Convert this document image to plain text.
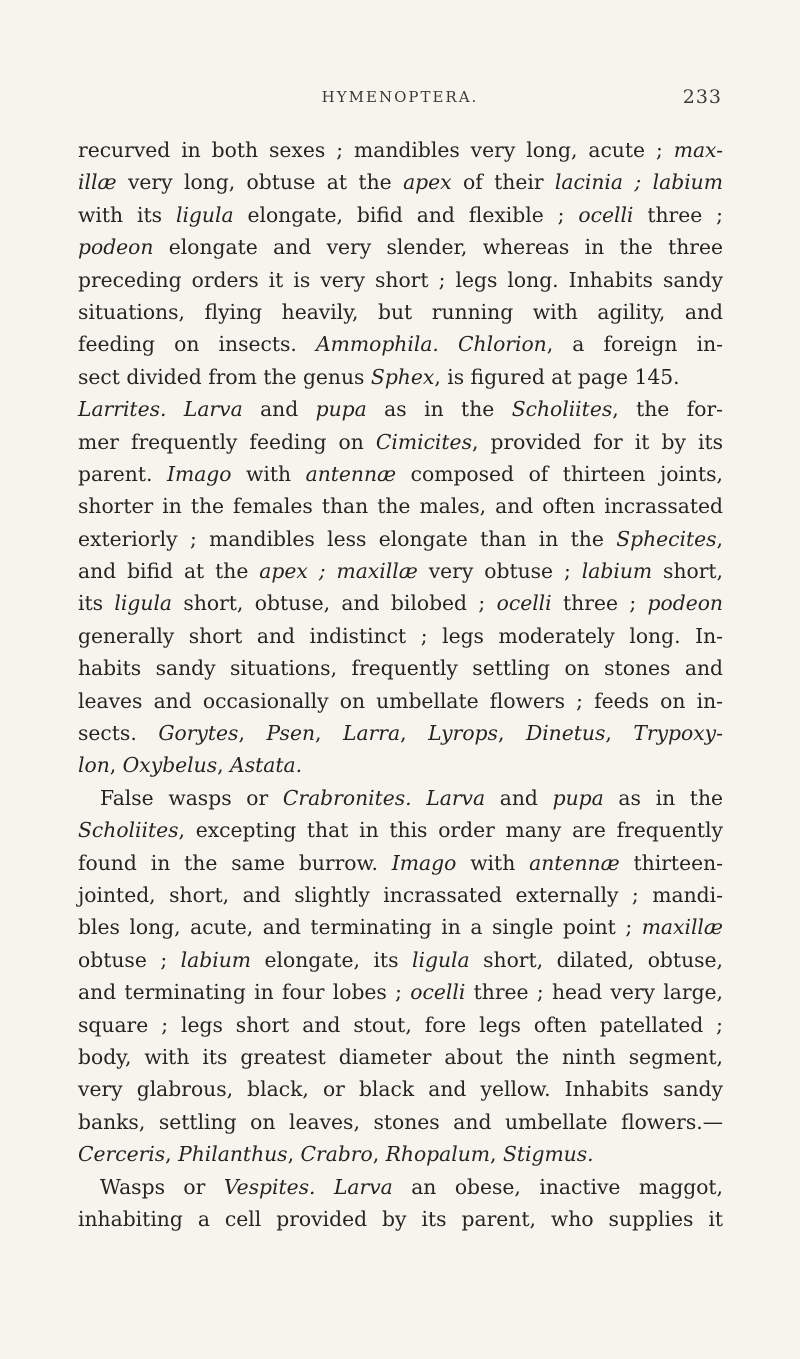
HYMENOPTERA.	233
recurved in both sexes ; mandibles very long, acute ; max-
illæ very long, obtuse at the apex of their lacinia ; labium
with its ligula elongate, bifid and flexible ; ocelli three ;
podeon elongate and very slender, whereas in the three
preceding orders it is very short ; legs long. Inhabits sandy
situations, flying heavily, but running with agility, and
feeding on insects. Ammophila. Chlorion, a foreign in-
sect divided from the genus Sphex, is figured at page 145.
Larrites. Larva and pupa as in the Scholiites, the for-
mer frequently feeding on Cimicites, provided for it by its
parent. Imago with antennæ composed of thirteen joints,
shorter in the females than the males, and often incrassated
exteriorly ; mandibles less elongate than in the Sphecites,
and bifid at the apex ; maxillæ very obtuse ; labium short,
its ligula short, obtuse, and bilobed ; ocelli three ; podeon
generally short and indistinct ; legs moderately long. In-
habits sandy situations, frequently settling on stones and
leaves and occasionally on umbellate flowers ; feeds on in-
sects. Gorytes, Psen, Larra, Lyrops, Dinetus, Trypoxy-
lon, Oxybelus, Astata.
False wasps or Crabronites. Larva and pupa as in the
Scholiites, excepting that in this order many are frequently
found in the same burrow. Imago with antennæ thirteen-
jointed, short, and slightly incrassated externally ; mandi-
bles long, acute, and terminating in a single point ; maxillæ
obtuse ; labium elongate, its ligula short, dilated, obtuse,
and terminating in four lobes ; ocelli three ; head very large,
square ; legs short and stout, fore legs often patellated ;
body, with its greatest diameter about the ninth segment,
very glabrous, black, or black and yellow. Inhabits sandy
banks, settling on leaves, stones and umbellate flowers.—
Cerceris, Philanthus, Crabro, Rhopalum, Stigmus.
Wasps or Vespites. Larva an obese, inactive maggot,
inhabiting a cell provided by its parent, who supplies it
